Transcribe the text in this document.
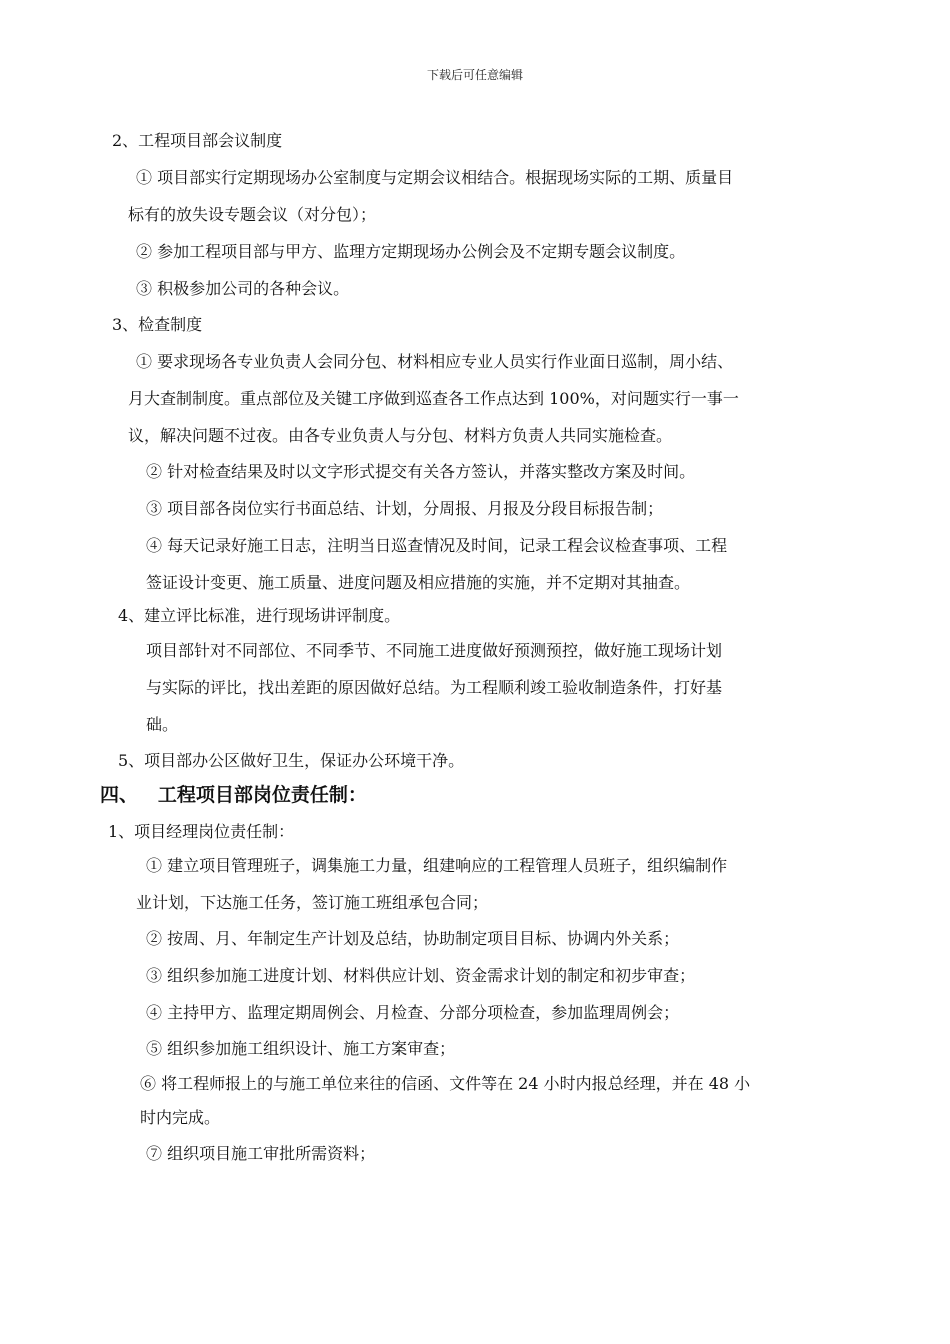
下载后可任意编辑
2、工程项目部会议制度
① 项目部实行定期现场办公室制度与定期会议相结合。根据现场实际的工期、质量目
标有的放失设专题会议（对分包）；
② 参加工程项目部与甲方、监理方定期现场办公例会及不定期专题会议制度。
③ 积极参加公司的各种会议。
3、检查制度
① 要求现场各专业负责人会同分包、材料相应专业人员实行作业面日巡制，周小结、
月大查制制度。重点部位及关键工序做到巡查各工作点达到 100%，对问题实行一事一
议，解决问题不过夜。由各专业负责人与分包、材料方负责人共同实施检查。
② 针对检查结果及时以文字形式提交有关各方签认，并落实整改方案及时间。
③ 项目部各岗位实行书面总结、计划，分周报、月报及分段目标报告制；
④ 每天记录好施工日志，注明当日巡查情况及时间，记录工程会议检查事项、工程
签证设计变更、施工质量、进度问题及相应措施的实施，并不定期对其抽查。
4、建立评比标准，进行现场讲评制度。
项目部针对不同部位、不同季节、不同施工进度做好预测预控，做好施工现场计划
与实际的评比，找出差距的原因做好总结。为工程顺利竣工验收制造条件，打好基
础。
5、项目部办公区做好卫生，保证办公环境干净。
四、   工程项目部岗位责任制：
1、项目经理岗位责任制：
① 建立项目管理班子，调集施工力量，组建响应的工程管理人员班子，组织编制作
业计划，下达施工任务，签订施工班组承包合同；
② 按周、月、年制定生产计划及总结，协助制定项目目标、协调内外关系；
③ 组织参加施工进度计划、材料供应计划、资金需求计划的制定和初步审查；
④ 主持甲方、监理定期周例会、月检查、分部分项检查，参加监理周例会；
⑤ 组织参加施工组织设计、施工方案审查；
⑥ 将工程师报上的与施工单位来往的信函、文件等在 24 小时内报总经理，并在 48 小
时内完成。
⑦ 组织项目施工审批所需资料；
